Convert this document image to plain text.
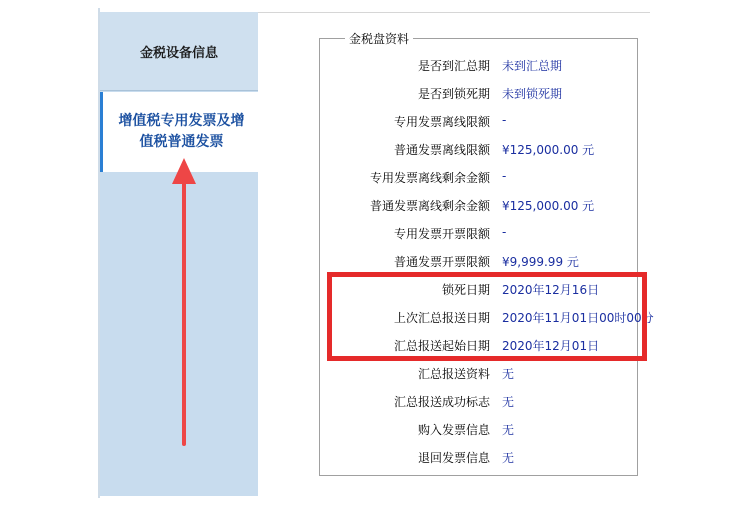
金税设备信息
增值税专用发票及增
值税普通发票
金税盘资料
是否到汇总期 未到汇总期
是否到锁死期 未到锁死期
专用发票离线限额 -
普通发票离线限额 ¥125,000.00 元
专用发票离线剩余金额 -
普通发票离线剩余金额 ¥125,000.00 元
专用发票开票限额 -
普通发票开票限额 ¥9,999.99 元
锁死日期 2020年12月16日
上次汇总报送日期 2020年11月01日00时00分
汇总报送起始日期 2020年12月01日
汇总报送资料 无
汇总报送成功标志 无
购入发票信息 无
退回发票信息 无
